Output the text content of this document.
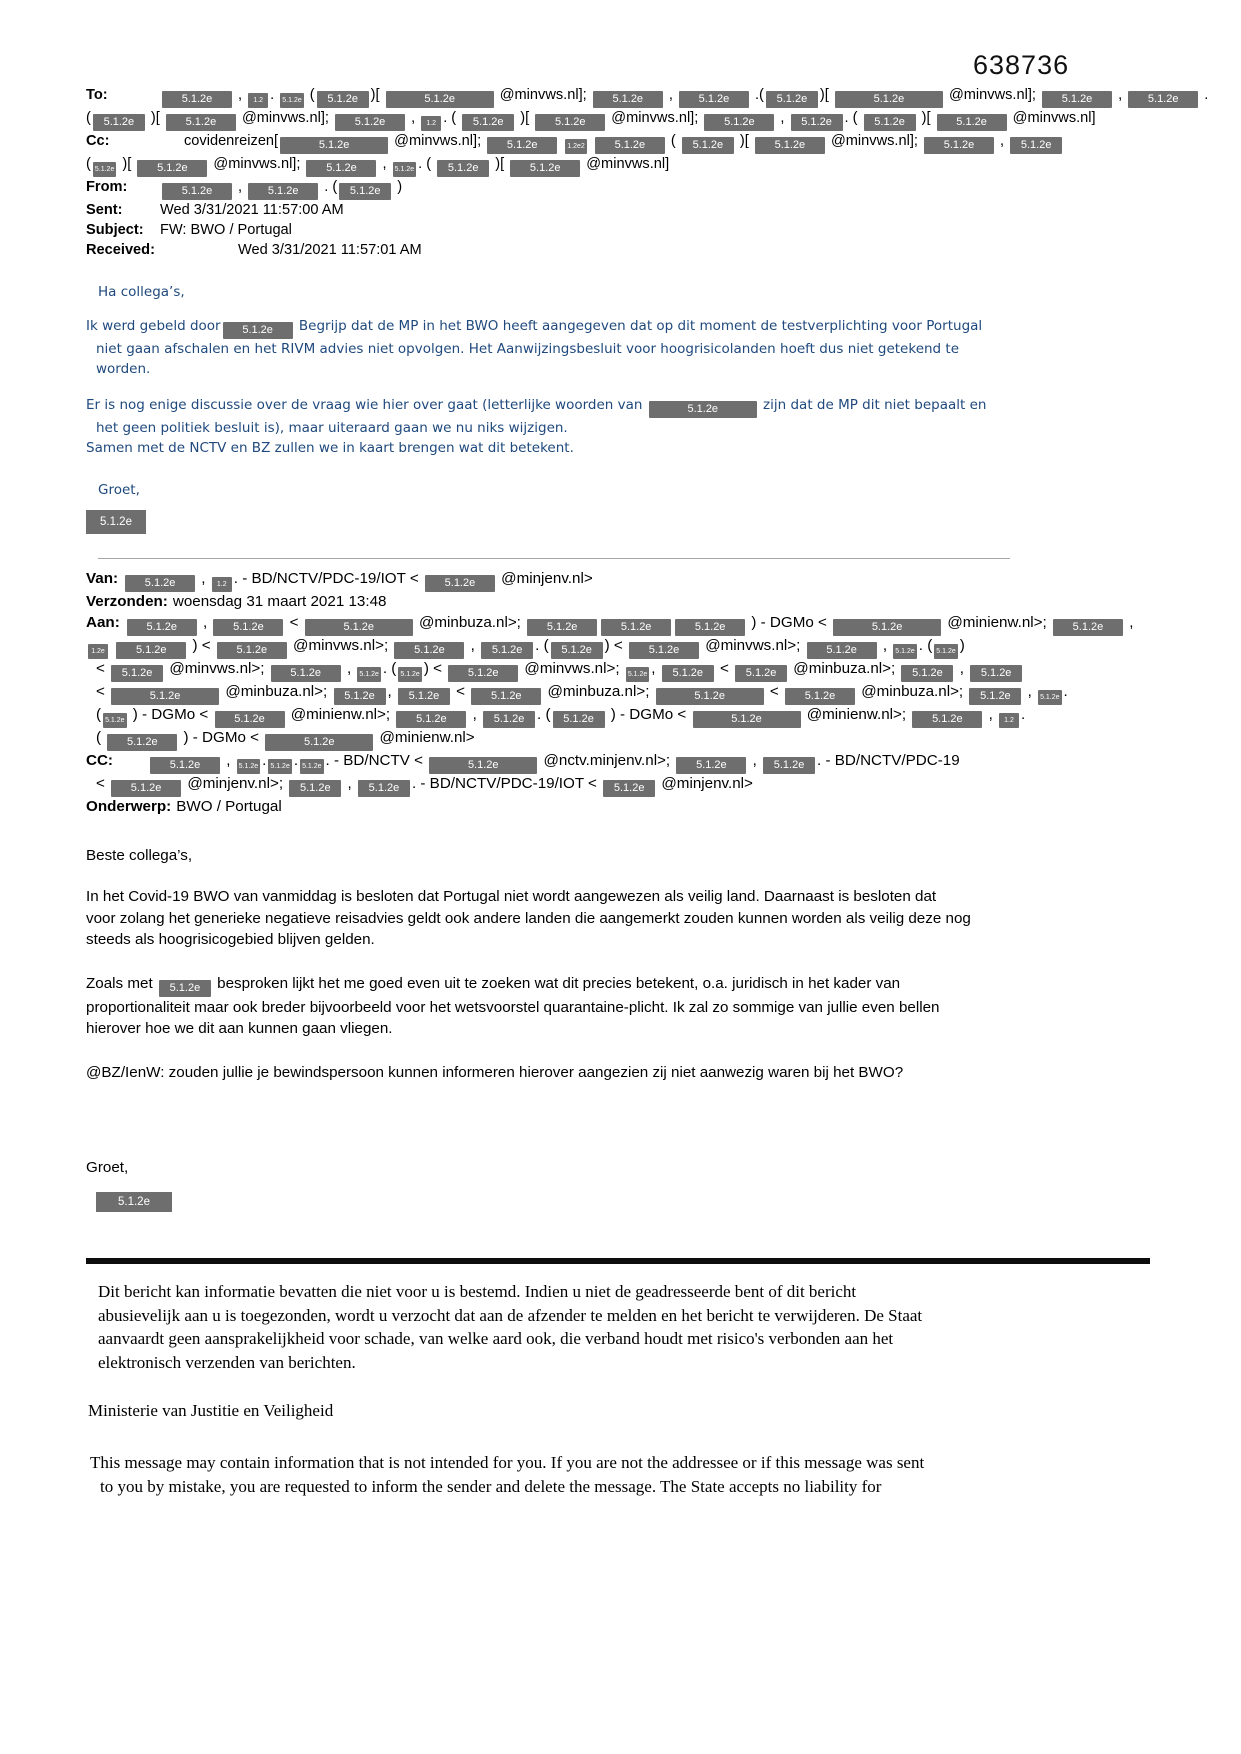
638736
To:	5.1.2e , 1.2 . 5.1.2e ( 5.1.2e )[	5.1.2e	@minvws.nl]; 5.1.2e , 5.1.2e .( 5.1.2e )[	5.1.2e	@minvws.nl]; 5.1.2e , 5.1.2e .
( 5.1.2e )[ 5.1.2e @minvws.nl]; 5.1.2e , 1.2 . ( 5.1.2e )[ 5.1.2e @minvws.nl]; 5.1.2e , 5.1.2e . ( 5.1.2e )[ 5.1.2e @minvws.nl]
Cc:	covidenreizen[	5.1.2e	@minvws.nl]; 5.1.2e	1.2e2	5.1.2e ( 5.1.2e )[ 5.1.2e @minvws.nl]; 5.1.2e , 5.1.2e
( 5.1.2e )[ 5.1.2e @minvws.nl]; 5.1.2e , 5.1.2e . ( 5.1.2e )[ 5.1.2e @minvws.nl]
From:	5.1.2e , 5.1.2e . ( 5.1.2e )
Sent:	Wed 3/31/2021 11:57:00 AM
Subject: FW: BWO / Portugal
Received:	Wed 3/31/2021 11:57:01 AM
Ha collega’s,
Ik werd gebeld door 5.1.2e Begrijp dat de MP in het BWO heeft aangegeven dat op dit moment de testverplichting voor Portugal
niet gaan afschalen en het RIVM advies niet opvolgen. Het Aanwijzingsbesluit voor hoogrisicolanden hoeft dus niet getekend te
worden.
Er is nog enige discussie over de vraag wie hier over gaat (letterlijke woorden van	5.1.2e	zijn dat de MP dit niet bepaalt en
het geen politiek besluit is), maar uiteraard gaan we nu niks wijzigen.
Samen met de NCTV en BZ zullen we in kaart brengen wat dit betekent.
Groet,
5.1.2e
Van: 5.1.2e , 1.2 . - BD/NCTV/PDC-19/IOT < 5.1.2e @minjenv.nl>
Verzonden: woensdag 31 maart 2021 13:48
Aan: 5.1.2e , 5.1.2e <	5.1.2e	@minbuza.nl>; 5.1.2e	5.1.2e	5.1.2e ) - DGMo <	5.1.2e	@minienw.nl>; 5.1.2e ,
1.2e	5.1.2e ) < 5.1.2e @minvws.nl>; 5.1.2e , 5.1.2e . ( 5.1.2e ) < 5.1.2e @minvws.nl>; 5.1.2e , 5.1.2e . ( 5.1.2e )
< 5.1.2e @minvws.nl>; 5.1.2e , 5.1.2e . ( 5.1.2e ) < 5.1.2e @minvws.nl>; 5.1.2e , 5.1.2e < 5.1.2e @minbuza.nl>; 5.1.2e , 5.1.2e
<	5.1.2e	@minbuza.nl>; 5.1.2e , 5.1.2e < 5.1.2e @minbuza.nl>;	5.1.2e	< 5.1.2e @minbuza.nl>; 5.1.2e , 5.1.2e .
( 5.1.2e ) - DGMo < 5.1.2e @minienw.nl>; 5.1.2e , 5.1.2e . ( 5.1.2e ) - DGMo <	5.1.2e	@minienw.nl>; 5.1.2e , 1.2 .
( 5.1.2e ) - DGMo <	5.1.2e	@minienw.nl>
CC:	5.1.2e , 5.1.2e . 5.1.2e . 5.1.2e . - BD/NCTV <	5.1.2e	@nctv.minjenv.nl>; 5.1.2e , 5.1.2e . - BD/NCTV/PDC-19
< 5.1.2e @minjenv.nl>; 5.1.2e , 5.1.2e . - BD/NCTV/PDC-19/IOT < 5.1.2e @minjenv.nl>
Onderwerp: BWO / Portugal
Beste collega’s,
In het Covid-19 BWO van vanmiddag is besloten dat Portugal niet wordt aangewezen als veilig land. Daarnaast is besloten dat
voor zolang het generieke negatieve reisadvies geldt ook andere landen die aangemerkt zouden kunnen worden als veilig deze nog
steeds als hoogrisicogebied blijven gelden.
Zoals met 5.1.2e besproken lijkt het me goed even uit te zoeken wat dit precies betekent, o.a. juridisch in het kader van
proportionaliteit maar ook breder bijvoorbeeld voor het wetsvoorstel quarantaine-plicht. Ik zal zo sommige van jullie even bellen
hierover hoe we dit aan kunnen gaan vliegen.
@BZ/IenW: zouden jullie je bewindspersoon kunnen informeren hierover aangezien zij niet aanwezig waren bij het BWO?
Groet,
5.1.2e
Dit bericht kan informatie bevatten die niet voor u is bestemd. Indien u niet de geadresseerde bent of dit bericht
abusievelijk aan u is toegezonden, wordt u verzocht dat aan de afzender te melden en het bericht te verwijderen. De Staat
aanvaardt geen aansprakelijkheid voor schade, van welke aard ook, die verband houdt met risico's verbonden aan het
elektronisch verzenden van berichten.
Ministerie van Justitie en Veiligheid
This message may contain information that is not intended for you. If you are not the addressee or if this message was sent
to you by mistake, you are requested to inform the sender and delete the message. The State accepts no liability for
